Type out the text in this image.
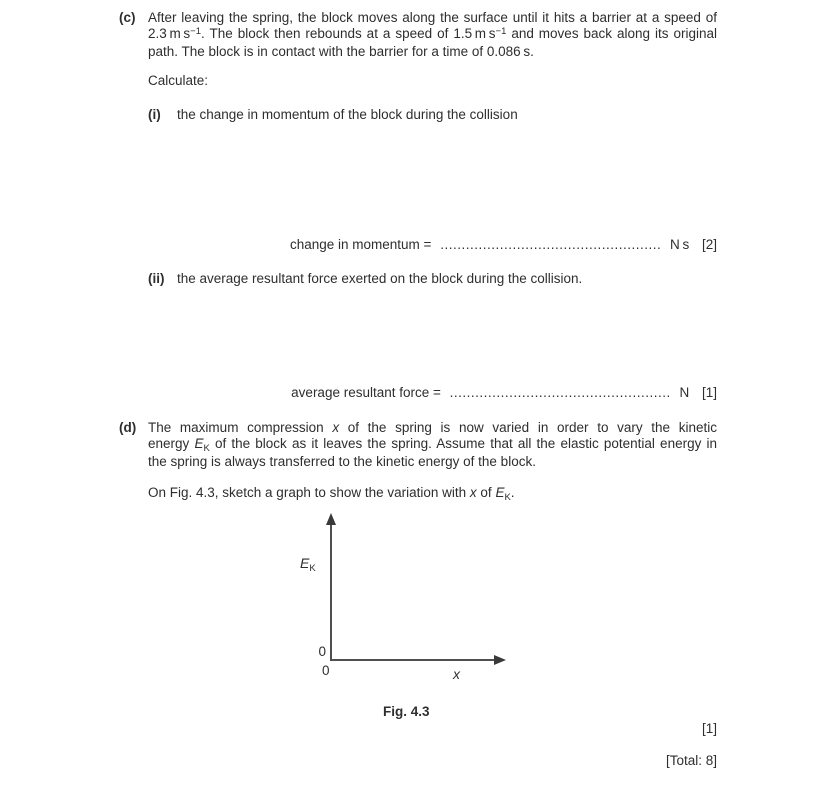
(c) After leaving the spring, the block moves along the surface until it hits a barrier at a speed of
2.3 m $s^{-1}$. The block then rebounds at a speed of 1.5 m $s^{-1}$ and moves back along its original
path. The block is in contact with the barrier for a time of 0.086 s.
Calculate:
(i) the change in momentum of the block during the collision
change in momentum = .................................................... N s [2]
(ii) the average resultant force exerted on the block during the collision.
average resultant force = .................................................... N [1]
(d) The maximum compression x of the spring is now varied in order to vary the kinetic
energy $E_K$ of the block as it leaves the spring. Assume that all the elastic potential energy in
the spring is always transferred to the kinetic energy of the block.
On Fig. 4.3, sketch a graph to show the variation with x of $E_K$.
$E_K$
0
0	x
Fig. 4.3
[1]
[Total: 8]
